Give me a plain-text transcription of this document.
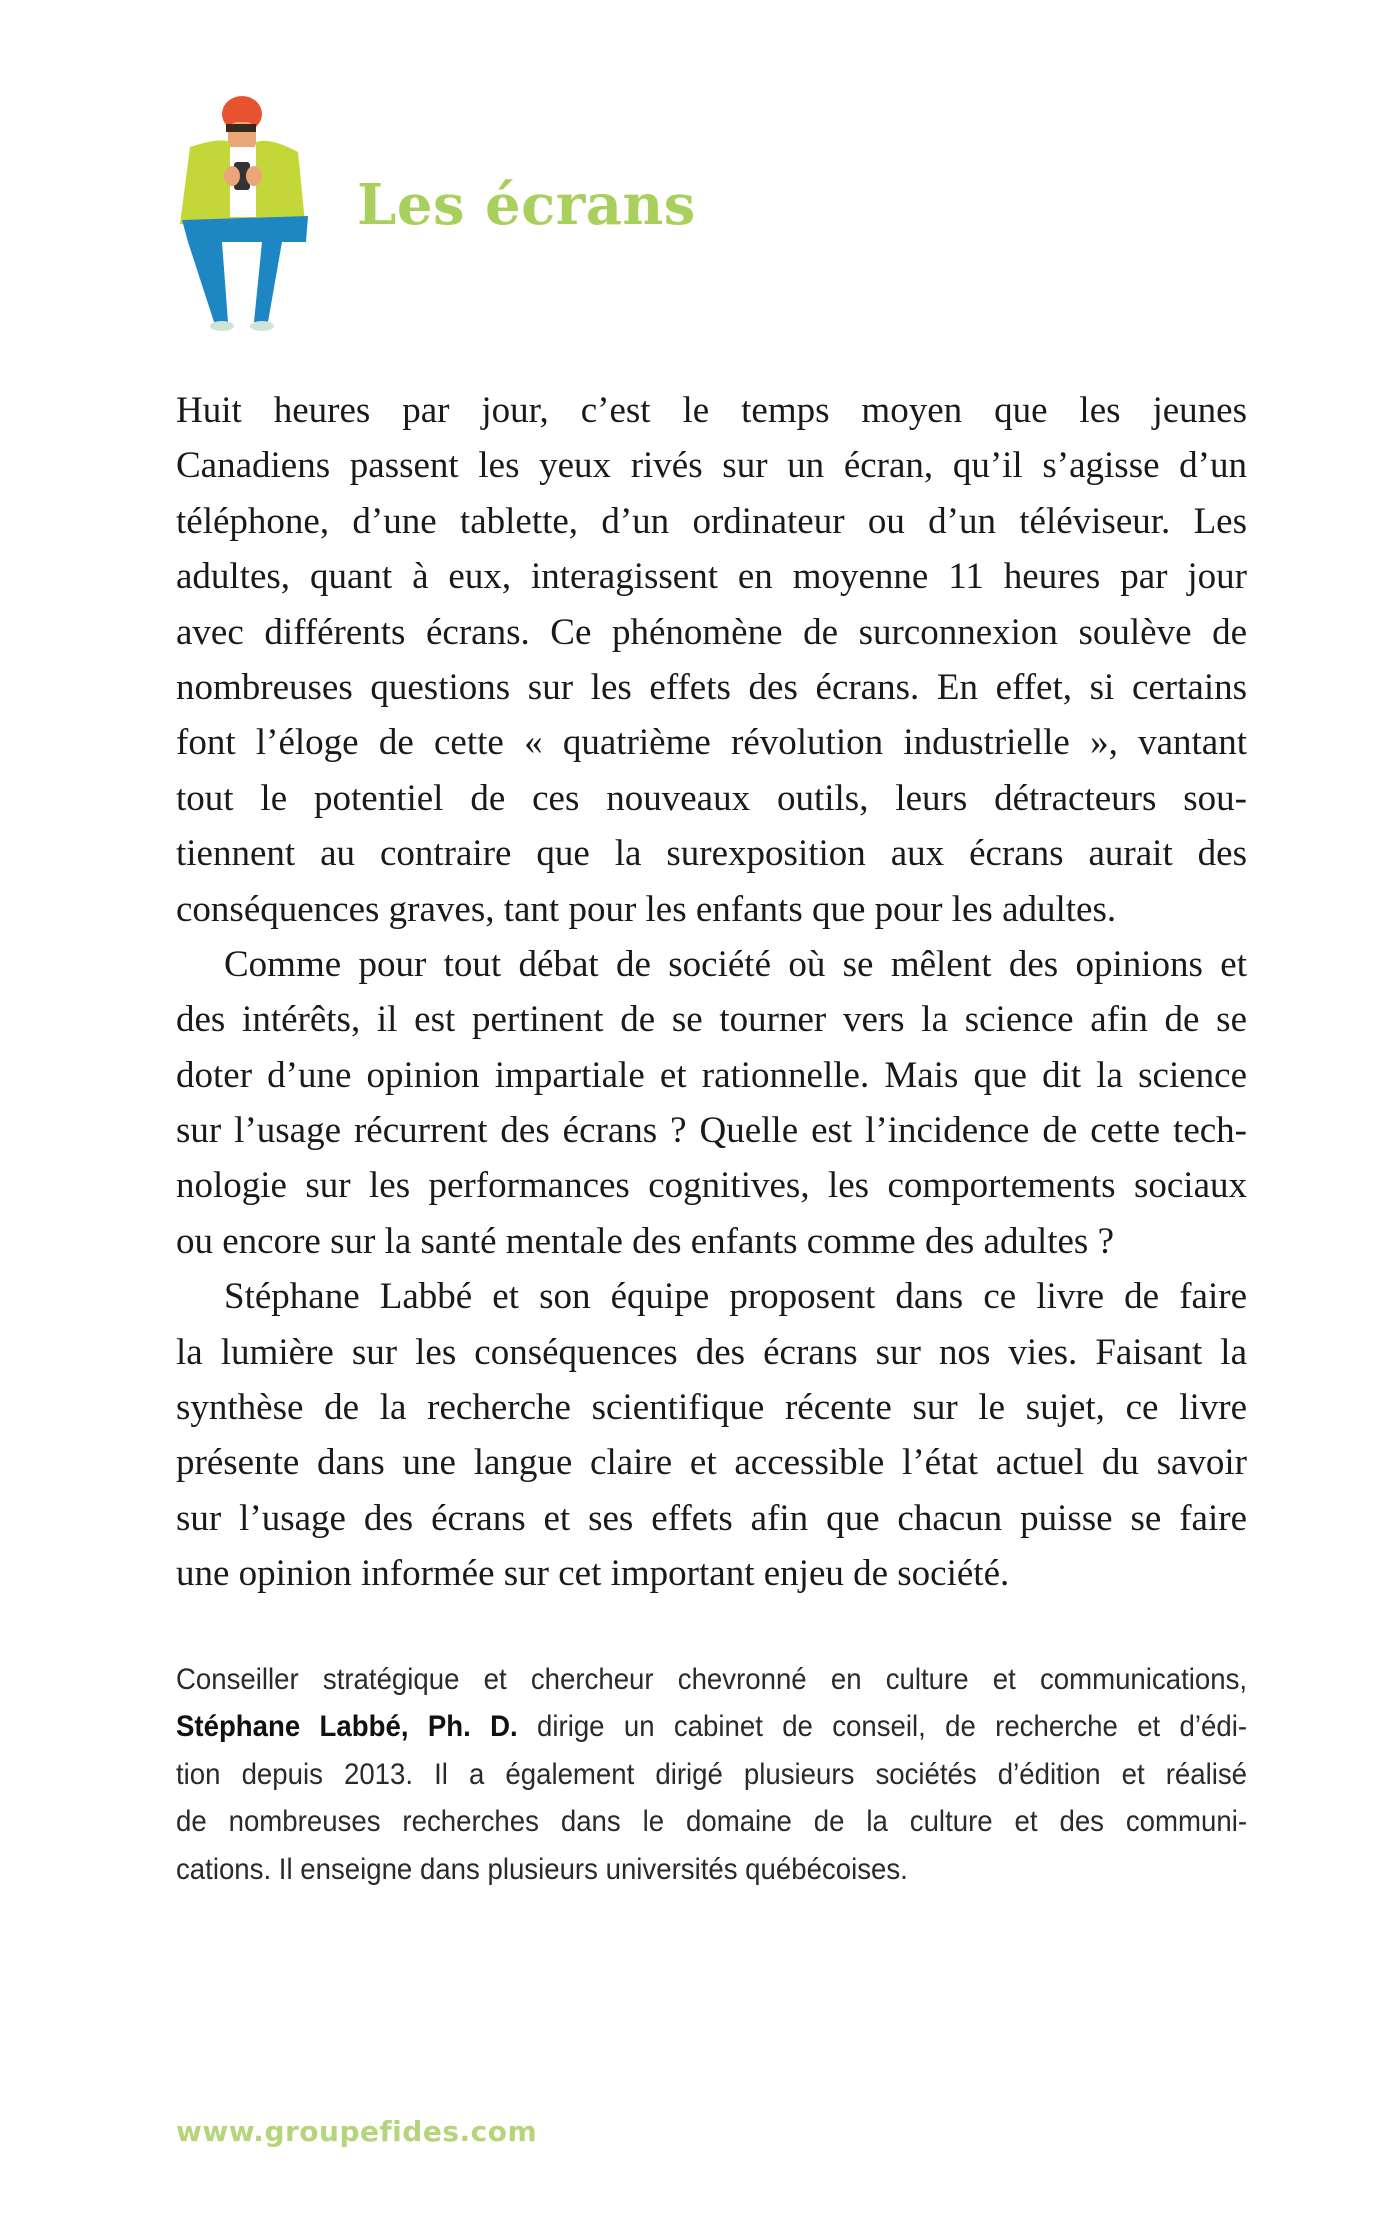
Les écrans
Huit heures par jour, c’est le temps moyen que les jeunes
Canadiens passent les yeux rivés sur un écran, qu’il s’agisse d’un
téléphone, d’une tablette, d’un ordinateur ou d’un téléviseur. Les
adultes, quant à eux, interagissent en moyenne 11 heures par jour
avec différents écrans. Ce phénomène de surconnexion soulève de
nombreuses questions sur les effets des écrans. En effet, si certains
font l’éloge de cette « quatrième révolution industrielle », vantant
tout le potentiel de ces nouveaux outils, leurs détracteurs sou-
tiennent au contraire que la surexposition aux écrans aurait des
conséquences graves, tant pour les enfants que pour les adultes.
Comme pour tout débat de société où se mêlent des opinions et
des intérêts, il est pertinent de se tourner vers la science afin de se
doter d’une opinion impartiale et rationnelle. Mais que dit la science
sur l’usage récurrent des écrans ? Quelle est l’incidence de cette tech-
nologie sur les performances cognitives, les comportements sociaux
ou encore sur la santé mentale des enfants comme des adultes ?
Stéphane Labbé et son équipe proposent dans ce livre de faire
la lumière sur les conséquences des écrans sur nos vies. Faisant la
synthèse de la recherche scientifique récente sur le sujet, ce livre
présente dans une langue claire et accessible l’état actuel du savoir
sur l’usage des écrans et ses effets afin que chacun puisse se faire
une opinion informée sur cet important enjeu de société.
Conseiller stratégique et chercheur chevronné en culture et communications,
Stéphane Labbé, Ph. D. dirige un cabinet de conseil, de recherche et d’édi-
tion depuis 2013. Il a également dirigé plusieurs sociétés d’édition et réalisé
de nombreuses recherches dans le domaine de la culture et des communi-
cations. Il enseigne dans plusieurs universités québécoises.
www.groupefides.com
